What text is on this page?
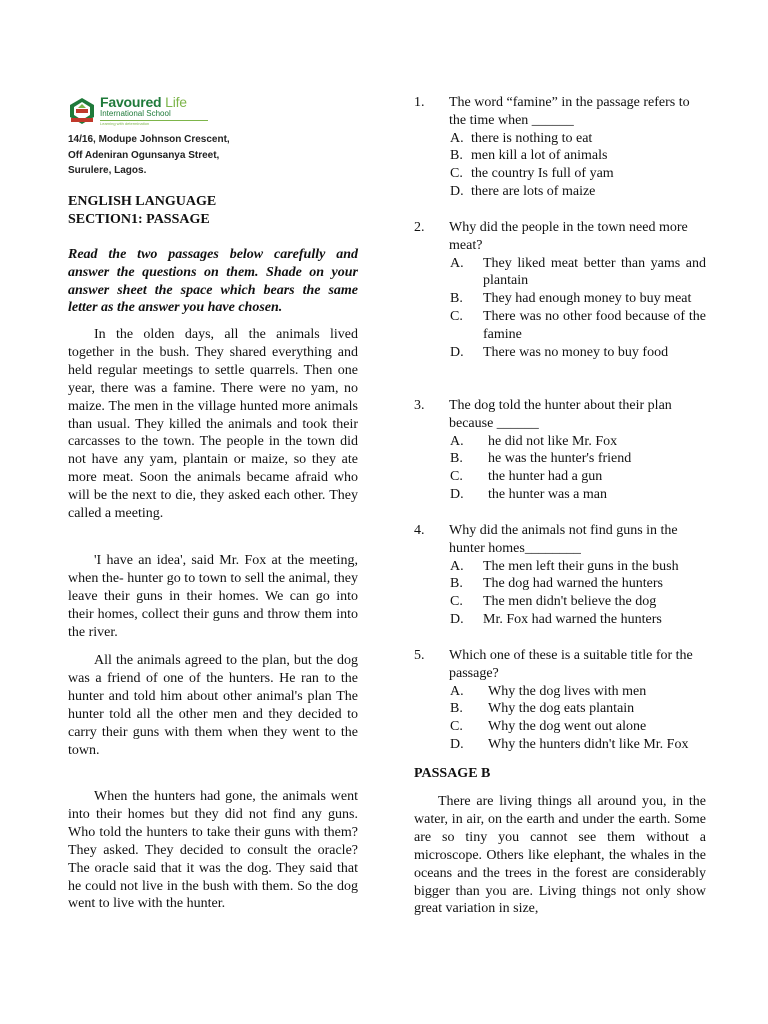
Favoured Life
International School
Learning with determination
14/16, Modupe Johnson Crescent,
Off Adeniran Ogunsanya Street,
Surulere, Lagos.
ENGLISH LANGUAGE
SECTION1: PASSAGE
Read the two passages below carefully and answer the questions on them. Shade on your answer sheet the space which bears the same letter as the answer you have chosen.
In the olden days, all the animals lived together in the bush. They shared everything and held regular meetings to settle quarrels. Then one year, there was a famine. There were no yam, no maize. The men in the village hunted more animals than usual. They killed the animals and took their carcasses to the town. The people in the town did not have any yam, plantain or maize, so they ate more meat. Soon the animals became afraid who will be the next to die, they asked each other. They called a meeting.
'I have an idea', said Mr. Fox at the meeting, when the- hunter go to town to sell the animal, they leave their guns in their homes. We can go into their homes, collect their guns and throw them into the river.
All the animals agreed to the plan, but the dog was a friend of one of the hunters. He ran to the hunter and told him about other animal's plan The hunter told all the other men and they decided to carry their guns with them when they went to the town.
When the hunters had gone, the animals went into their homes but they did not find any guns. Who told the hunters to take their guns with them? They asked. They decided to consult the oracle? The oracle said that it was the dog. They said that he could not live in the bush with them. So the dog went to live with the hunter.
1. The word “famine” in the passage refers to the time when ______
A. there is nothing to eat
B. men kill a lot of animals
C. the country Is full of yam
D. there are lots of maize
2. Why did the people in the town need more meat?
A. They liked meat better than yams and plantain
B. They had enough money to buy meat
C. There was no other food because of the famine
D. There was no money to buy food
3. The dog told the hunter about their plan because ______
A. he did not like Mr. Fox
B. he was the hunter's friend
C. the hunter had a gun
D. the hunter was a man
4. Why did the animals not find guns in the hunter homes________
A. The men left their guns in the bush
B. The dog had warned the hunters
C. The men didn't believe the dog
D. Mr. Fox had warned the hunters
5. Which one of these is a suitable title for the passage?
A. Why the dog lives with men
B. Why the dog eats plantain
C. Why the dog went out alone
D. Why the hunters didn't like Mr. Fox
PASSAGE B
There are living things all around you, in the water, in air, on the earth and under the earth. Some are so tiny you cannot see them without a microscope. Others like elephant, the whales in the oceans and the trees in the forest are considerably bigger than you are. Living things not only show great variation in size,
